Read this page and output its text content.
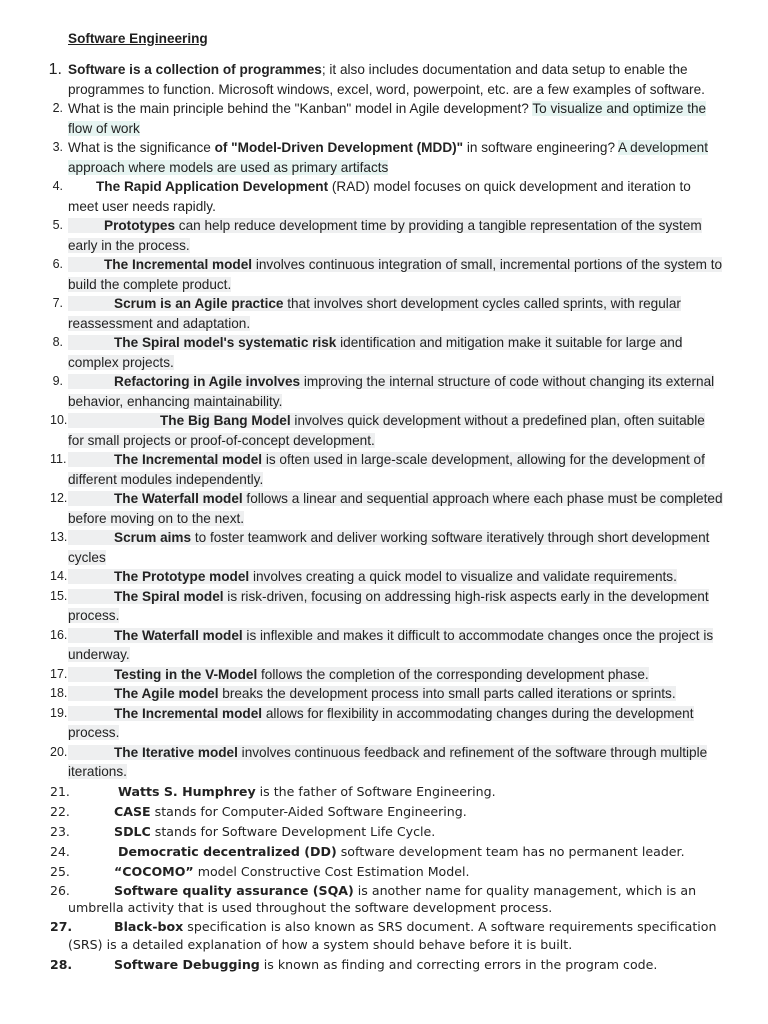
Software Engineering
1. Software is a collection of programmes; it also includes documentation and data setup to enable the programmes to function. Microsoft windows, excel, word, powerpoint, etc. are a few examples of software.
2. What is the main principle behind the "Kanban" model in Agile development? To visualize and optimize the flow of work
3. What is the significance of "Model-Driven Development (MDD)" in software engineering? A development approach where models are used as primary artifacts
4. The Rapid Application Development (RAD) model focuses on quick development and iteration to meet user needs rapidly.
5.	Prototypes can help reduce development time by providing a tangible representation of the system early in the process.
6.	The Incremental model involves continuous integration of small, incremental portions of the system to build the complete product.
7.	Scrum is an Agile practice that involves short development cycles called sprints, with regular reassessment and adaptation.
8.	The Spiral model's systematic risk identification and mitigation make it suitable for large and complex projects.
9.	Refactoring in Agile involves improving the internal structure of code without changing its external behavior, enhancing maintainability.
10.	The Big Bang Model involves quick development without a predefined plan, often suitable for small projects or proof-of-concept development.
11.	The Incremental model is often used in large-scale development, allowing for the development of different modules independently.
12.	The Waterfall model follows a linear and sequential approach where each phase must be completed before moving on to the next.
13.	Scrum aims to foster teamwork and deliver working software iteratively through short development cycles
14.	The Prototype model involves creating a quick model to visualize and validate requirements.
15.	The Spiral model is risk-driven, focusing on addressing high-risk aspects early in the development process.
16.	The Waterfall model is inflexible and makes it difficult to accommodate changes once the project is underway.
17.	Testing in the V-Model follows the completion of the corresponding development phase.
18.	The Agile model breaks the development process into small parts called iterations or sprints.
19.	The Incremental model allows for flexibility in accommodating changes during the development process.
20.	The Iterative model involves continuous feedback and refinement of the software through multiple iterations.
21.	Watts S. Humphrey is the father of Software Engineering.
22.	CASE stands for Computer-Aided Software Engineering.
23.	SDLC stands for Software Development Life Cycle.
24.	Democratic decentralized (DD) software development team has no permanent leader.
25.	“COCOMO” model Constructive Cost Estimation Model.
26.	Software quality assurance (SQA) is another name for quality management, which is an umbrella activity that is used throughout the software development process.
27.	Black-box specification is also known as SRS document. A software requirements specification (SRS) is a detailed explanation of how a system should behave before it is built.
28.	Software Debugging is known as finding and correcting errors in the program code.
